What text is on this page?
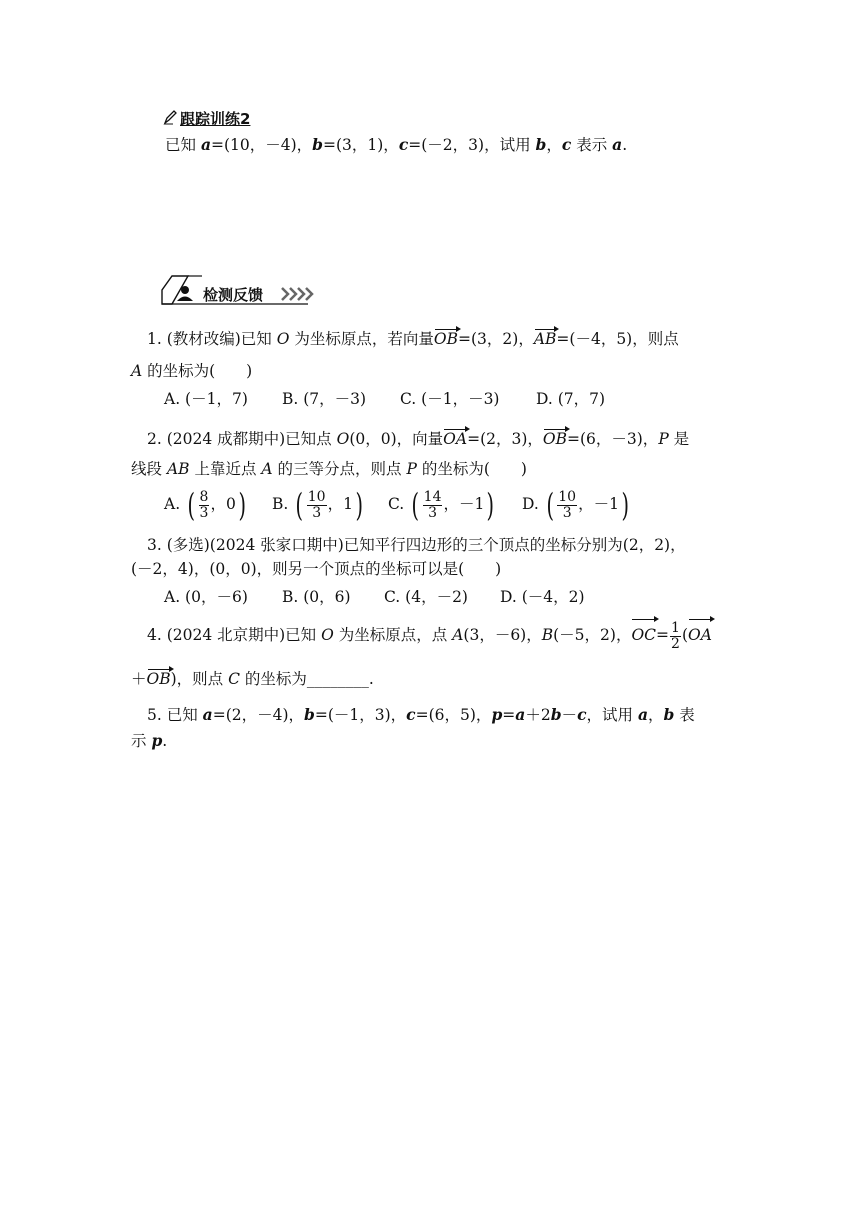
跟踪训练2
已知 a=(10，－4)，b=(3，1)，c=(－2，3)，试用 b，c 表示 a.
检测反馈
1. (教材改编)已知 O 为坐标原点，若向量OB=(3，2)，AB=(－4，5)，则点
A 的坐标为(　　)
A. (－1，7) B. (7，－3) C. (－1，－3) D. (7，7)
2. (2024 成都期中)已知点 O(0，0)，向量OA=(2，3)，OB=(6，－3)，P 是
线段 AB 上靠近点 A 的三等分点，则点 P 的坐标为(　　)
A. ( $\frac{8}{3}$ ，0) B. ( $\frac{10}{3}$ ，1) C. ( $\frac{14}{3}$ ，－1) D. ( $\frac{10}{3}$ ，－1)
3. (多选)(2024 张家口期中)已知平行四边形的三个顶点的坐标分别为(2，2)，
(－2，4)，(0，0)，则另一个顶点的坐标可以是(　　)
A. (0，－6) B. (0，6) C. (4，－2) D. (－4，2)
4. (2024 北京期中)已知 O 为坐标原点，点 A(3，－6)，B(－5，2)，$OC= \frac{1}{2} (OA$
＋OB)，则点 C 的坐标为________.
5. 已知 a=(2，－4)，b=(－1，3)，c=(6，5)，p=a＋2b－c，试用 a，b 表
示 p.
